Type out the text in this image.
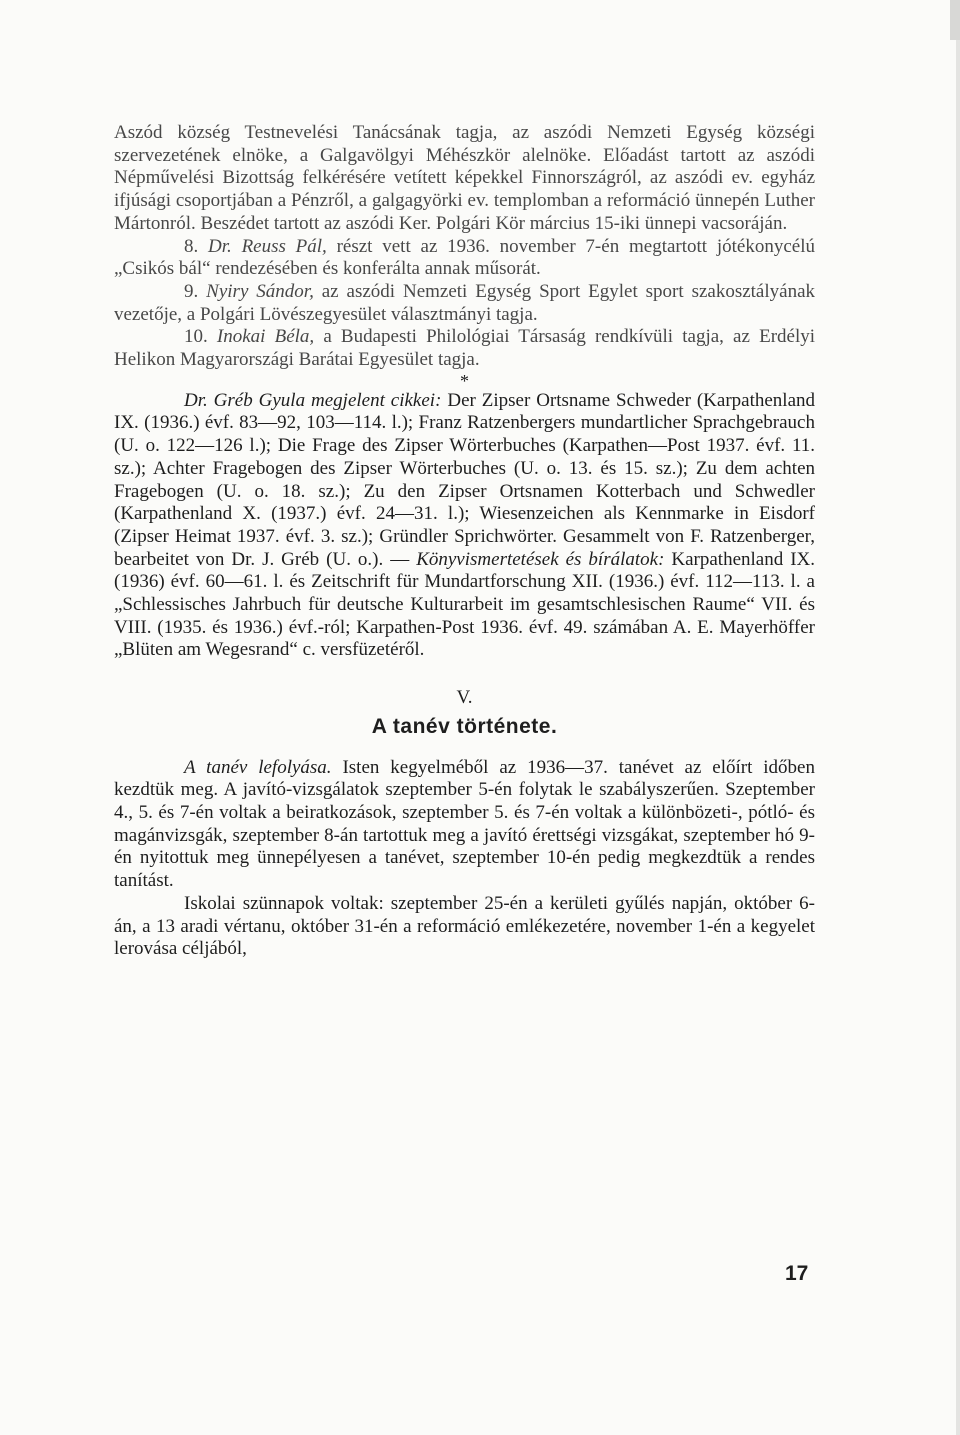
Aszód község Testnevelési Tanácsának tagja, az aszódi Nemzeti Egység községi szervezetének elnöke, a Galgavölgyi Méhészkör alelnöke. Előadást tartott az aszódi Népművelési Bizottság felkérésére vetített képekkel Finnországról, az aszódi ev. egyház ifjúsági csoportjában a Pénzről, a galgagyörki ev. templomban a reformáció ünnepén Luther Mártonról. Beszédet tartott az aszódi Ker. Polgári Kör március 15-iki ünnepi vacsoráján.

8. Dr. Reuss Pál, részt vett az 1936. november 7-én megtartott jótékonycélú „Csikós bál“ rendezésében és konferálta annak műsorát.

9. Nyiry Sándor, az aszódi Nemzeti Egység Sport Egylet sport szakosztályának vezetője, a Polgári Lövészegyesület választmányi tagja.

10. Inokai Béla, a Budapesti Philológiai Társaság rendkívüli tagja, az Erdélyi Helikon Magyarországi Barátai Egyesület tagja.

*

Dr. Gréb Gyula megjelent cikkei: Der Zipser Ortsname Schweder (Karpathenland IX. (1936.) évf. 83—92, 103—114. l.); Franz Ratzenbergers mundartlicher Sprachgebrauch (U. o. 122—126 l.); Die Frage des Zipser Wörterbuches (Karpathen—Post 1937. évf. 11. sz.); Achter Fragebogen des Zipser Wörterbuches (U. o. 13. és 15. sz.); Zu dem achten Fragebogen (U. o. 18. sz.); Zu den Zipser Ortsnamen Kotterbach und Schwedler (Karpathenland X. (1937.) évf. 24—31. l.); Wiesenzeichen als Kennmarke in Eisdorf (Zipser Heimat 1937. évf. 3. sz.); Gründler Sprichwörter. Gesammelt von F. Ratzenberger, bearbeitet von Dr. J. Gréb (U. o.). — Könyvismertetések és bírálatok: Karpathenland IX. (1936) évf. 60—61. l. és Zeitschrift für Mundartforschung XII. (1936.) évf. 112—113. l. a „Schlessisches Jahrbuch für deutsche Kulturarbeit im gesamtschlesischen Raume“ VII. és VIII. (1935. és 1936.) évf.-ról; Karpathen-Post 1936. évf. 49. számában A. E. Mayerhöffer „Blüten am Wegesrand“ c. versfüzetéről.

V.

A tanév története.

A tanév lefolyása. Isten kegyelméből az 1936—37. tanévet az előírt időben kezdtük meg. A javító-vizsgálatok szeptember 5-én folytak le szabályszerűen. Szeptember 4., 5. és 7-én voltak a beiratkozások, szeptember 5. és 7-én voltak a különbözeti-, pótló- és magánvizsgák, szeptember 8-án tartottuk meg a javító érettségi vizsgákat, szeptember hó 9-én nyitottuk meg ünnepélyesen a tanévet, szeptember 10-én pedig megkezdtük a rendes tanítást.

Iskolai szünnapok voltak: szeptember 25-én a kerületi gyűlés napján, október 6-án, a 13 aradi vértanu, október 31-én a reformáció emlékezetére, november 1-én a kegyelet lerovása céljából,

17
